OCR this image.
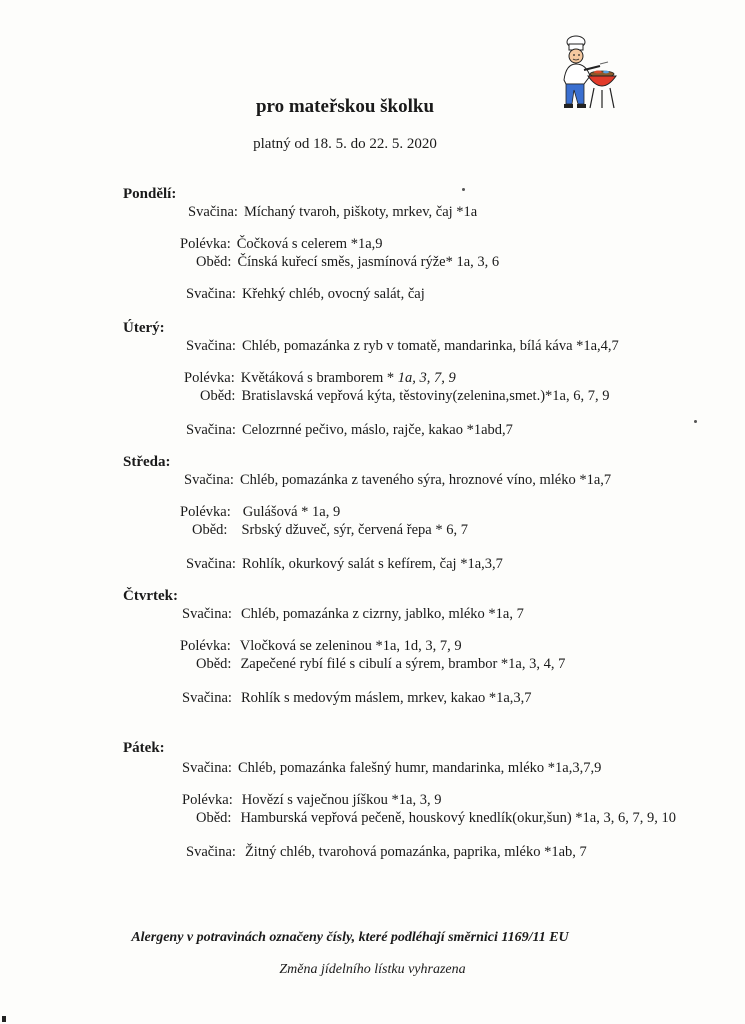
pro mateřskou školku
platný od 18. 5. do 22. 5. 2020
Pondělí:
Svačina: Míchaný tvaroh, piškoty, mrkev, čaj *1a
Polévka: Čočková s celerem *1a,9
Oběd: Čínská kuřecí směs, jasmínová rýže* 1a, 3, 6
Svačina: Křehký chléb, ovocný salát, čaj
Úterý:
Svačina: Chléb, pomazánka z ryb v tomatě, mandarinka, bílá káva *1a,4,7
Polévka: Květáková s bramborem * 1a, 3, 7, 9
Oběd: Bratislavská vepřová kýta, těstoviny(zelenina,smet.)*1a, 6, 7, 9
Svačina: Celozrnné pečivo, máslo, rajče, kakao *1abd,7
Středa:
Svačina: Chléb, pomazánka z taveného sýra, hroznové víno, mléko *1a,7
Polévka: Gulášová * 1a, 9
Oběd: Srbský džuveč, sýr, červená řepa * 6, 7
Svačina: Rohlík, okurkový salát s kefírem, čaj *1a,3,7
Čtvrtek:
Svačina: Chléb, pomazánka z cizrny, jablko, mléko *1a, 7
Polévka: Vločková se zeleninou *1a, 1d, 3, 7, 9
Oběd: Zapečené rybí filé s cibulí a sýrem, brambor *1a, 3, 4, 7
Svačina: Rohlík s medovým máslem, mrkev, kakao *1a,3,7
Pátek:
Svačina: Chléb, pomazánka falešný humr, mandarinka, mléko *1a,3,7,9
Polévka: Hovězí s vaječnou jíškou *1a, 3, 9
Oběd: Hamburská vepřová pečeně, houskový knedlík(okur,šun) *1a, 3, 6, 7, 9, 10
Svačina: Žitný chléb, tvarohová pomazánka, paprika, mléko *1ab, 7
Alergeny v potravinách označeny čísly, které podléhají směrnici 1169/11 EU
Změna jídelního lístku vyhrazena
